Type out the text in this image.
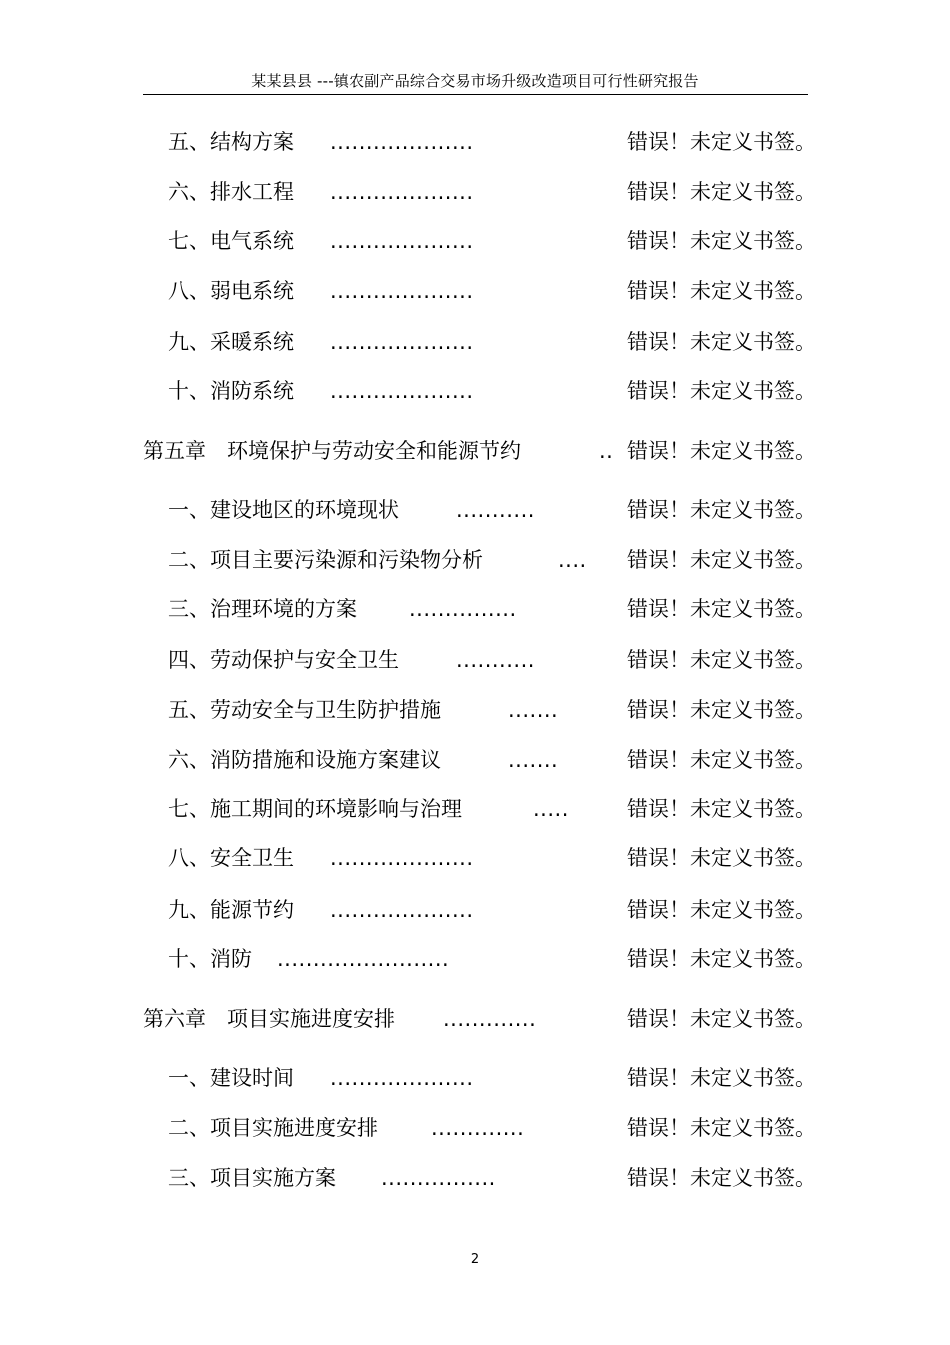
某某县县 ---镇农副产品综合交易市场升级改造项目可行性研究报告
五、结构方案 ....................	错误！未定义书签。
六、排水工程 ....................	错误！未定义书签。
七、电气系统 ....................	错误！未定义书签。
八、弱电系统 ....................	错误！未定义书签。
九、采暖系统 ....................	错误！未定义书签。
十、消防系统 ....................	错误！未定义书签。
第五章　环境保护与劳动安全和能源节约	.. 错误！未定义书签。
一、建设地区的环境现状	...........	错误！未定义书签。
二、项目主要污染源和污染物分析	.... 错误！未定义书签。
三、治理环境的方案 ...............	错误！未定义书签。
四、劳动保护与安全卫生	...........	错误！未定义书签。
五、劳动安全与卫生防护措施	.......	错误！未定义书签。
六、消防措施和设施方案建议	.......	错误！未定义书签。
七、施工期间的环境影响与治理	.....	错误！未定义书签。
八、安全卫生 ....................	错误！未定义书签。
九、能源节约 ....................	错误！未定义书签。
十、消防 ........................	错误！未定义书签。
第六章　项目实施进度安排 .............	错误！未定义书签。
一、建设时间 ....................	错误！未定义书签。
二、项目实施进度安排	.............	错误！未定义书签。
三、项目实施方案 ................	错误！未定义书签。
2
